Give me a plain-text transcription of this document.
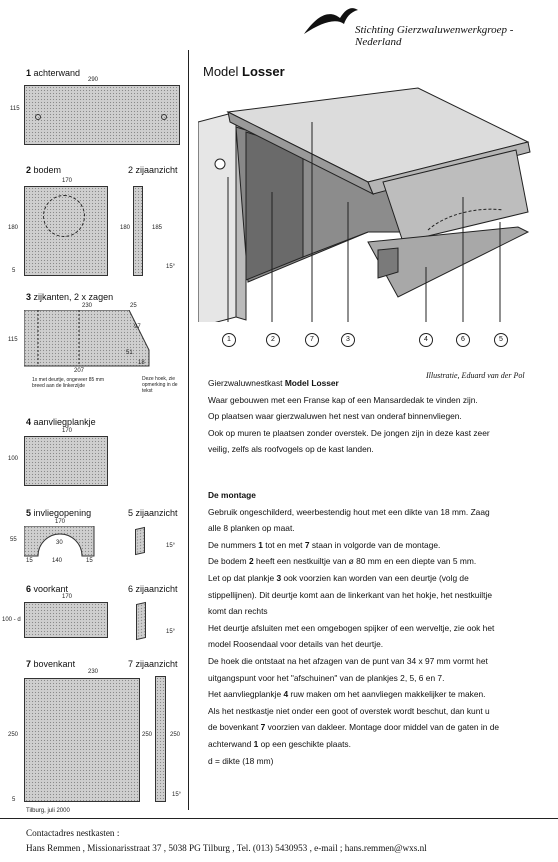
Stichting Gierzwaluwenwerkgroep - Nederland
1 achterwand
290
115
2 bodem
170
180
5
2 zijaanzicht
180	185
15°
3 zijkanten, 2 x zagen
230	25
97
51
18
115
207
1x met deurtje, ongeveer 85 mm breed aan de linkerzijde
Deze hoek, zie opmerking in de tekst
4 aanvliegplankje
170
100
5 invliegopening
170
55	30
15	140	15
5 zijaanzicht
15°
6 voorkant
170
100 - d
6 zijaanzicht
15°
7 bovenkant
230
250
5
Tilburg, juli 2000
7 zijaanzicht
250	250
15°
Model Losser
1	2	7	3	4	6	5
Illustratie, Eduard van der Pol

Gierzwaluwnestkast Model Losser

Waar gebouwen met een Franse kap of een Mansardedak te vinden zijn.

Op plaatsen waar gierzwaluwen het nest van onderaf binnenvliegen.

Ook op muren te plaatsen zonder overstek. De jongen zijn in deze kast zeer

veilig, zelfs als roofvogels op de kast landen.

De montage

Gebruik ongeschilderd, weerbestendig hout met een dikte van 18 mm. Zaag

alle 8 planken op maat.

De nummers 1 tot en met 7 staan in volgorde van de montage.

De bodem 2 heeft een nestkuiltje van ø 80 mm en een diepte van 5 mm.

Let op dat plankje 3 ook voorzien kan worden van een deurtje (volg de

stippellijnen). Dit deurtje komt aan de linkerkant van het hokje, het nestkuiltje

komt dan rechts

Het deurtje afsluiten met een omgebogen spijker of een werveltje, zie ook het

model Roosendaal voor details van het deurtje.

De hoek die ontstaat na het afzagen van de punt van 34 x 97 mm vormt het

uitgangspunt voor het "afschuinen" van de plankjes 2, 5, 6 en 7.

Het aanvliegplankje 4 ruw maken om het aanvliegen makkelijker te maken.

Als het nestkastje niet onder een goot of overstek wordt beschut, dan kunt u

de bovenkant 7 voorzien van dakleer. Montage door middel van de gaten in de

achterwand 1 op een geschikte plaats.

d = dikte (18 mm)

Contactadres nestkasten :
Hans Remmen , Missionarisstraat 37 , 5038 PG Tilburg , Tel. (013) 5430953 , e-mail ; hans.remmen@wxs.nl
